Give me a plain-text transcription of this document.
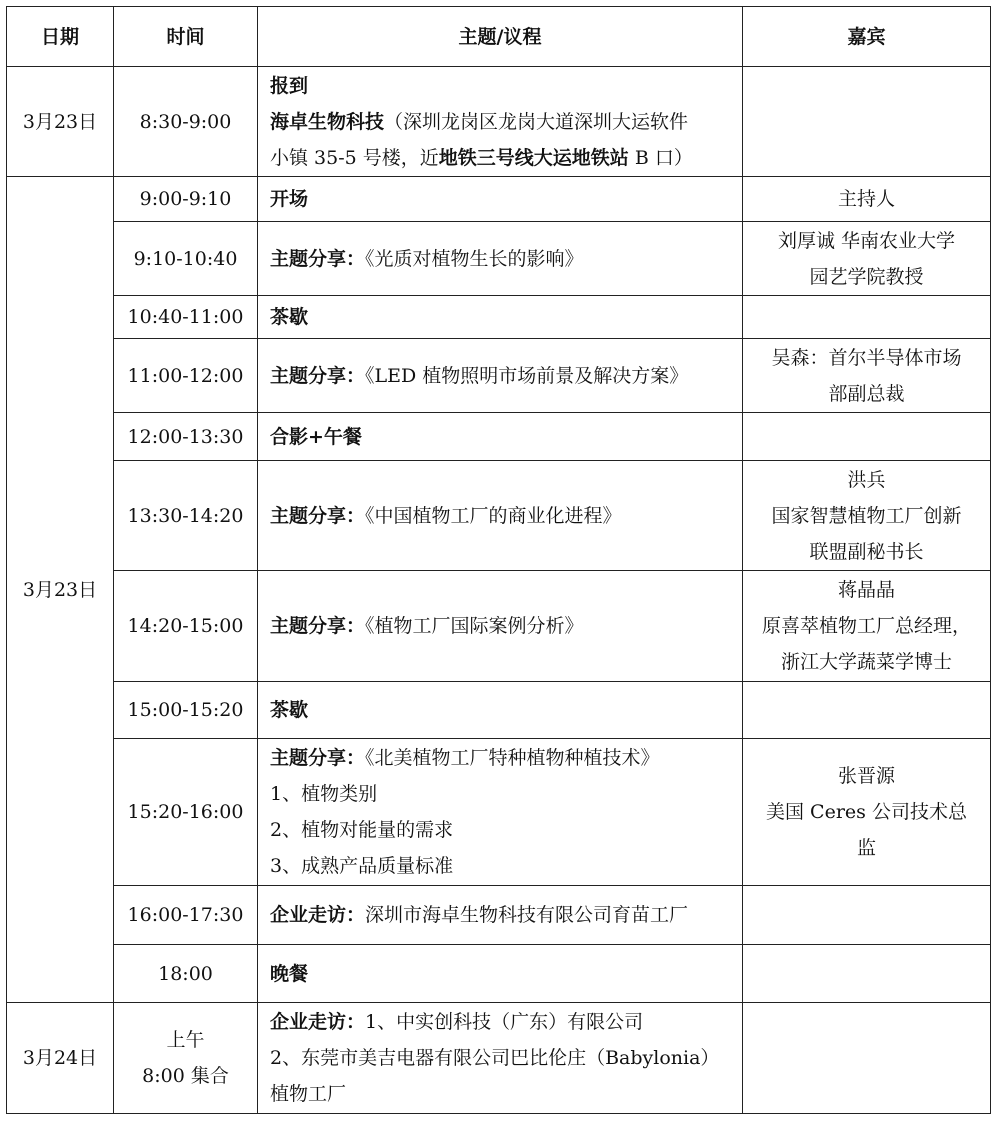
日期	时间	主题/议程	嘉宾
3月23日	8:30-9:00	报到
海卓生物科技（深圳龙岗区龙岗大道深圳大运软件
小镇 35-5 号楼，近地铁三号线大运地铁站 B 口）	

3月23日	9:00-9:10	开场	主持人
	9:10-10:40	主题分享：《光质对植物生长的影响》	刘厚诚 华南农业大学
园艺学院教授

	10:40-11:00	茶歇	
	11:00-12:00	主题分享：《LED 植物照明市场前景及解决方案》	吴森：首尔半导体市场
部副总裁

	12:00-13:30	合影+午餐	
	13:30-14:20	主题分享：《中国植物工厂的商业化进程》	洪兵
国家智慧植物工厂创新
联盟副秘书长

	14:20-15:00	主题分享：《植物工厂国际案例分析》	蒋晶晶
原喜萃植物工厂总经理，
浙江大学蔬菜学博士

	15:00-15:20	茶歇	
	15:20-16:00	主题分享：《北美植物工厂特种植物种植技术》
1、植物类别
2、植物对能量的需求
3、成熟产品质量标准	张晋源
美国 Ceres 公司技术总
监

	16:00-17:30	企业走访：深圳市海卓生物科技有限公司育苗工厂	
	18:00	晚餐	
3月24日	上午
8:00 集合	企业走访：1、中实创科技（广东）有限公司
2、东莞市美吉电器有限公司巴比伦庄（Babylonia）
植物工厂	
